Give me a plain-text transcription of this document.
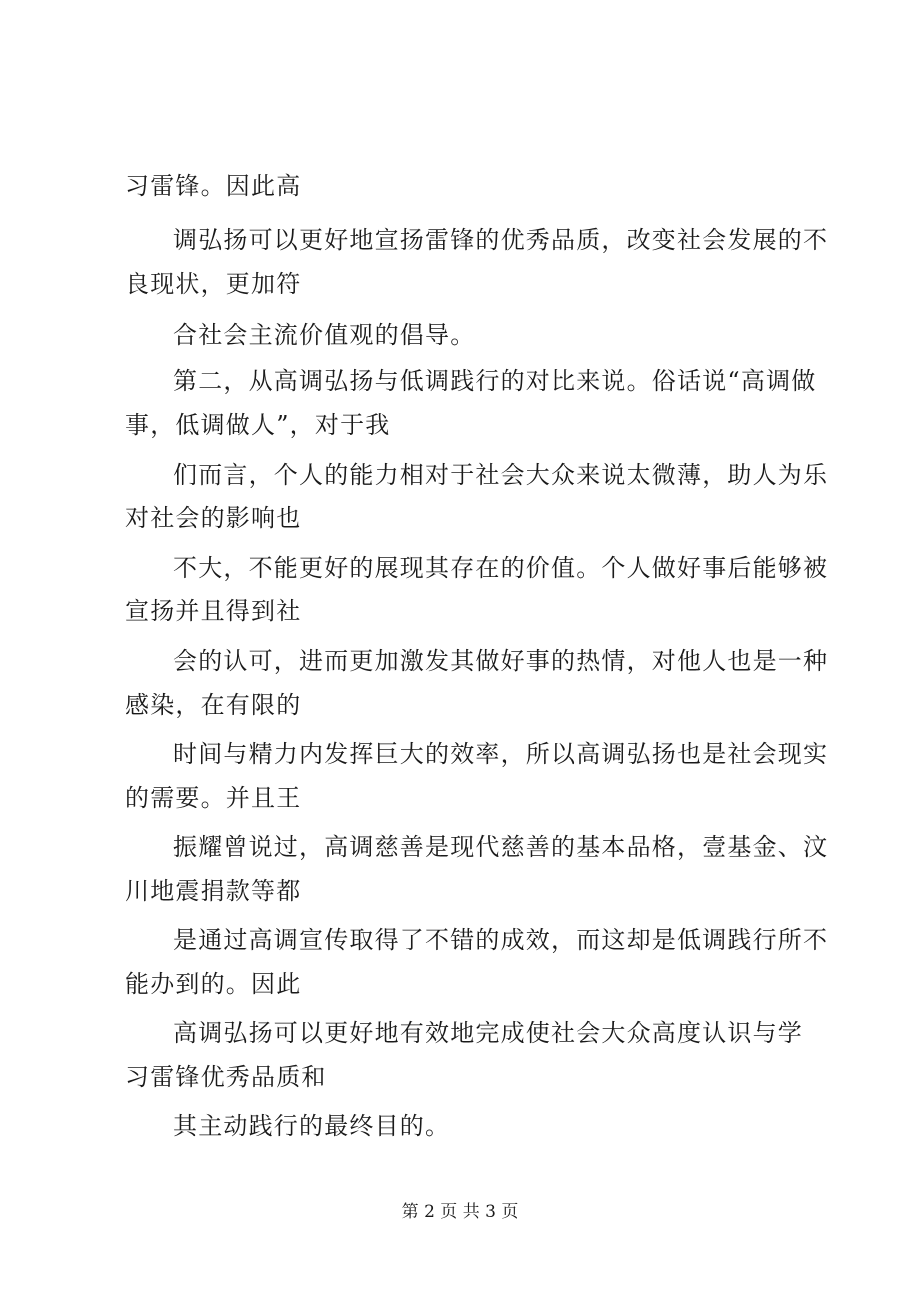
习雷锋。因此高
调弘扬可以更好地宣扬雷锋的优秀品质，改变社会发展的不
良现状，更加符
合社会主流价值观的倡导。
第二，从高调弘扬与低调践行的对比来说。俗话说“高调做
事，低调做人”，对于我
们而言，个人的能力相对于社会大众来说太微薄，助人为乐
对社会的影响也
不大，不能更好的展现其存在的价值。个人做好事后能够被
宣扬并且得到社
会的认可，进而更加激发其做好事的热情，对他人也是一种
感染，在有限的
时间与精力内发挥巨大的效率，所以高调弘扬也是社会现实
的需要。并且王
振耀曾说过，高调慈善是现代慈善的基本品格，壹基金、汶
川地震捐款等都
是通过高调宣传取得了不错的成效，而这却是低调践行所不
能办到的。因此
高调弘扬可以更好地有效地完成使社会大众高度认识与学
习雷锋优秀品质和
其主动践行的最终目的。
第 2 页 共 3 页
